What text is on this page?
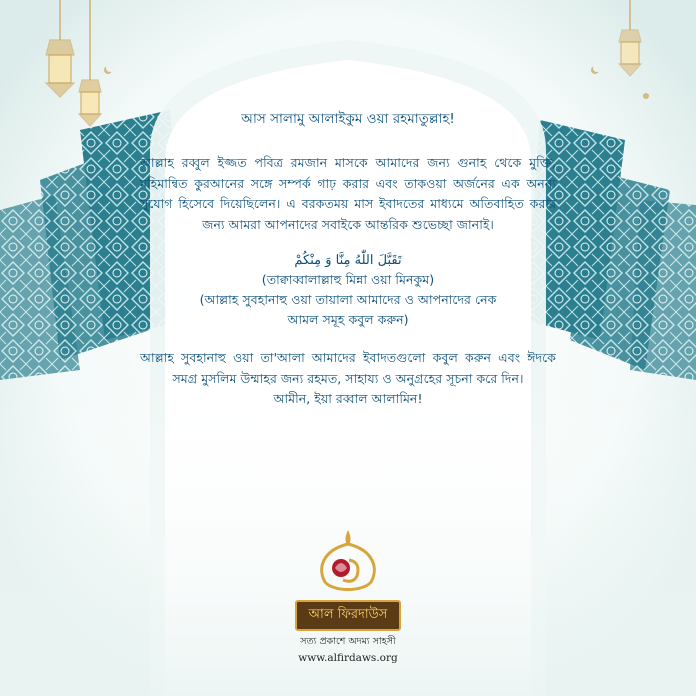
আস সালামু আলাইকুম ওয়া রহমাতুল্লাহ!

আল্লাহ রব্বুল ইজ্জত পবিত্র রমজান মাসকে আমাদের জন্য গুনাহ থেকে মুক্তি, মহিমান্বিত কুরআনের সঙ্গে সম্পর্ক গাঢ় করার এবং তাকওয়া অর্জনের এক অনন্য সুযোগ হিসেবে দিয়েছিলেন। এ বরকতময় মাস ইবাদতের মাধ্যমে অতিবাহিত করার জন্য আমরা আপনাদের সবাইকে আন্তরিক শুভেচ্ছা জানাই।

تَقَبَّلَ اللّٰهُ مِنَّا وَ مِنْكُمْ

(তাক্বাব্বালাল্লাহু মিন্না ওয়া মিনকুম)

(আল্লাহ সুবহানাহু ওয়া তায়ালা আমাদের ও আপনাদের নেক

আমল সমূহ কবুল করুন)

আল্লাহ সুবহানাহু ওয়া তা'আলা আমাদের ইবাদতগুলো কবুল করুন এবং ঈদকে সমগ্র মুসলিম উম্মাহর জন্য রহমত, সাহায্য ও অনুগ্রহের সূচনা করে দিন।

আমীন, ইয়া রব্বাল আলামিন!

আল ফিরদাউস
সত্য প্রকাশে অদম্য সাহসী
www.alfirdaws.org
